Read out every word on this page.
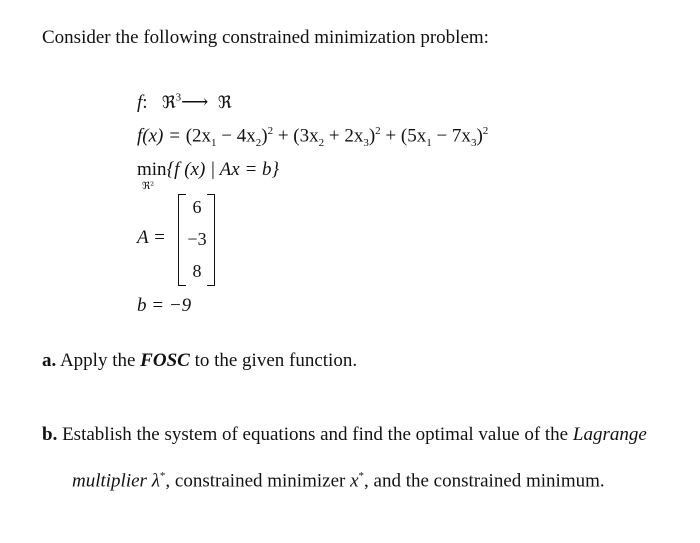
Consider the following constrained minimization problem:
f: ℜ$^3$⟶ ℜ
$f(x) = (2x_1 - 4x_2)^2 + (3x_2 + 2x_3)^2 + (5x_1 - 7x_3)^2$
min{f (x) | Ax = b}
ℜ²
A =
6
−3
8
b = −9
a. Apply the FOSC to the given function.
b. Establish the system of equations and find the optimal value of the Lagrange
multiplier λ*, constrained minimizer x*, and the constrained minimum.
